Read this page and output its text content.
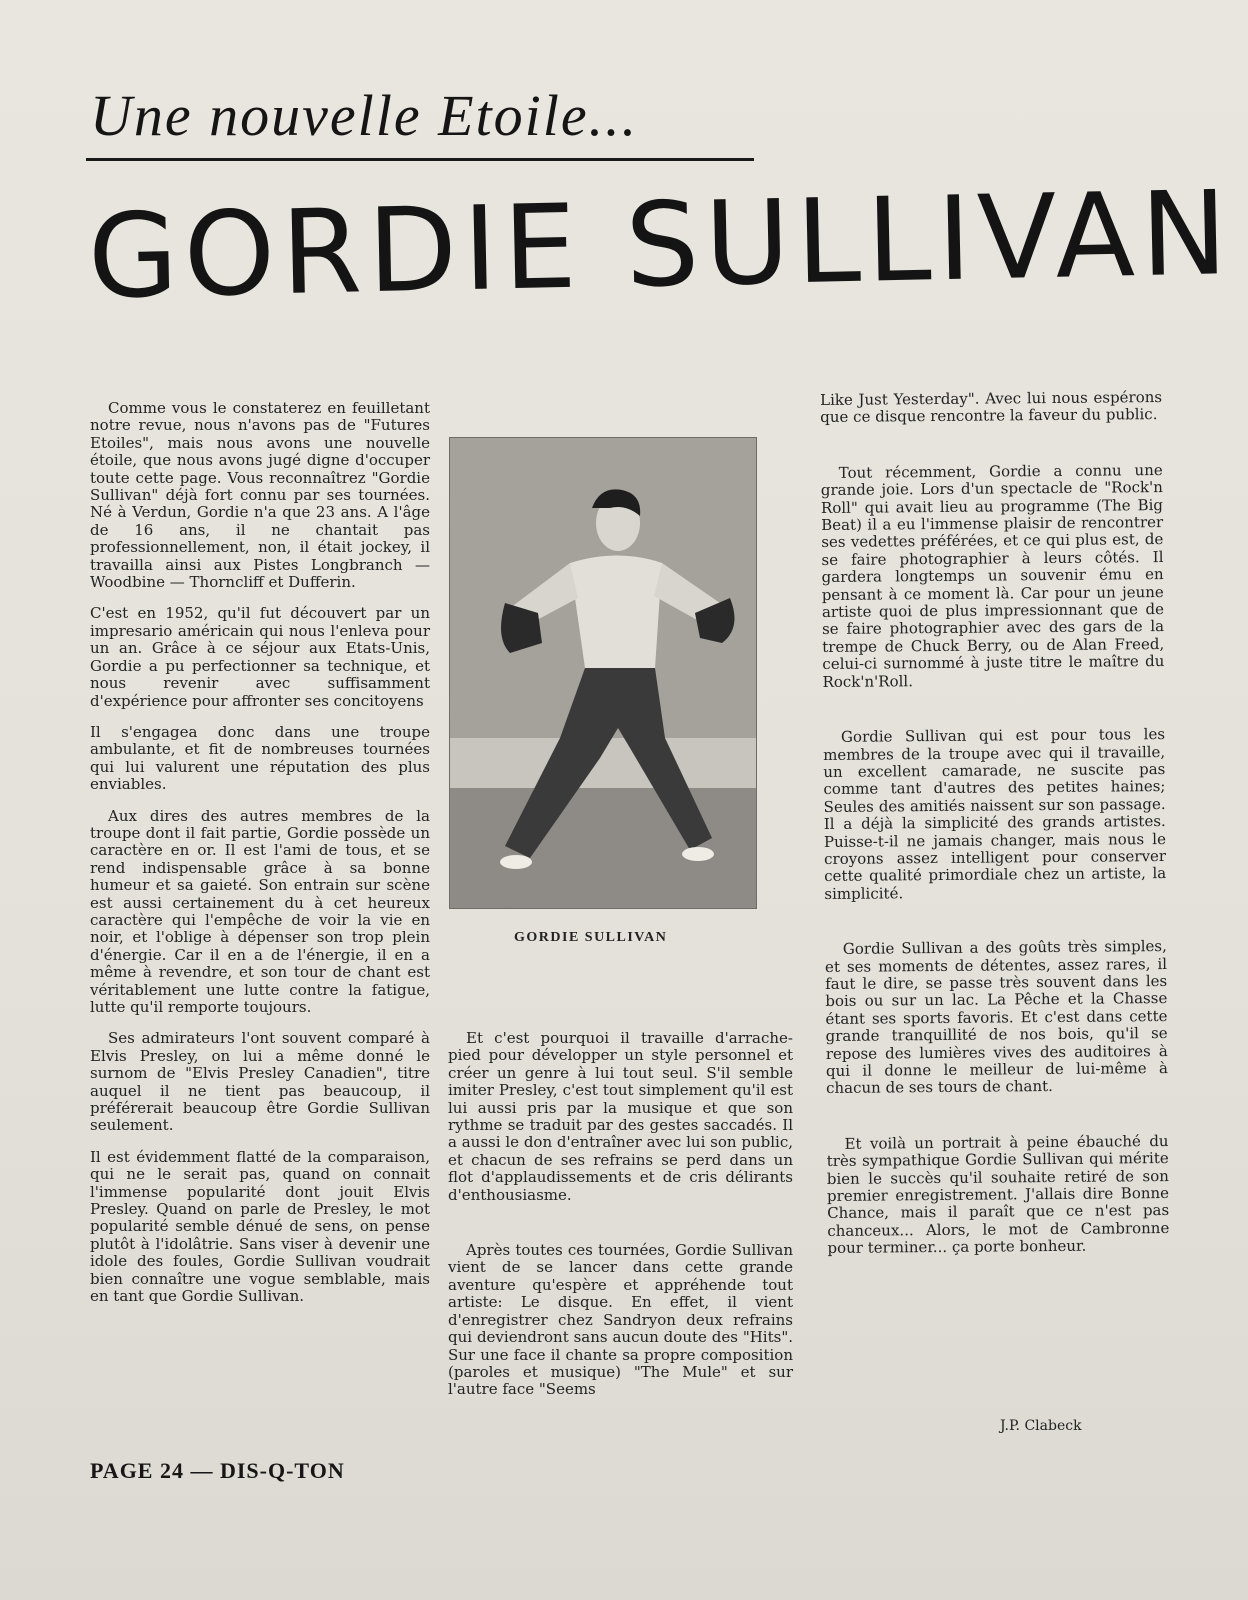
Une nouvelle Etoile...
GORDIE SULLIVAN

Comme vous le constaterez en feuilletant notre revue, nous n'avons pas de "Futures Etoiles", mais nous avons une nouvelle étoile, que nous avons jugé digne d'occuper toute cette page. Vous reconnaîtrez "Gordie Sullivan" déjà fort connu par ses tournées. Né à Verdun, Gordie n'a que 23 ans. A l'âge de 16 ans, il ne chantait pas professionnellement, non, il était jockey, il travailla ainsi aux Pistes Longbranch — Woodbine — Thorncliff et Dufferin.

C'est en 1952, qu'il fut découvert par un impresario américain qui nous l'enleva pour un an. Grâce à ce séjour aux Etats-Unis, Gordie a pu perfectionner sa technique, et nous revenir avec suffisamment d'expérience pour affronter ses concitoyens

Il s'engagea donc dans une troupe ambulante, et fit de nombreuses tournées qui lui valurent une réputation des plus enviables.

Aux dires des autres membres de la troupe dont il fait partie, Gordie possède un caractère en or. Il est l'ami de tous, et se rend indispensable grâce à sa bonne humeur et sa gaieté. Son entrain sur scène est aussi certainement du à cet heureux caractère qui l'empêche de voir la vie en noir, et l'oblige à dépenser son trop plein d'énergie. Car il en a de l'énergie, il en a même à revendre, et son tour de chant est véritablement une lutte contre la fatigue, lutte qu'il remporte toujours.

Ses admirateurs l'ont souvent comparé à Elvis Presley, on lui a même donné le surnom de "Elvis Presley Canadien", titre auquel il ne tient pas beaucoup, il préférerait beaucoup être Gordie Sullivan seulement.

Il est évidemment flatté de la comparaison, qui ne le serait pas, quand on connait l'immense popularité dont jouit Elvis Presley. Quand on parle de Presley, le mot popularité semble dénué de sens, on pense plutôt à l'idolâtrie. Sans viser à devenir une idole des foules, Gordie Sullivan voudrait bien connaître une vogue semblable, mais en tant que Gordie Sullivan.

GORDIE SULLIVAN

Et c'est pourquoi il travaille d'arrache-pied pour développer un style personnel et créer un genre à lui tout seul. S'il semble imiter Presley, c'est tout simplement qu'il est lui aussi pris par la musique et que son rythme se traduit par des gestes saccadés. Il a aussi le don d'entraîner avec lui son public, et chacun de ses refrains se perd dans un flot d'applaudissements et de cris délirants d'enthousiasme.

Après toutes ces tournées, Gordie Sullivan vient de se lancer dans cette grande aventure qu'espère et appréhende tout artiste: Le disque. En effet, il vient d'enregistrer chez Sandryon deux refrains qui deviendront sans aucun doute des "Hits". Sur une face il chante sa propre composition (paroles et musique) "The Mule" et sur l'autre face "Seems

Like Just Yesterday". Avec lui nous espérons que ce disque rencontre la faveur du public.

Tout récemment, Gordie a connu une grande joie. Lors d'un spectacle de "Rock'n Roll" qui avait lieu au programme (The Big Beat) il a eu l'immense plaisir de rencontrer ses vedettes préférées, et ce qui plus est, de se faire photographier à leurs côtés. Il gardera longtemps un souvenir ému en pensant à ce moment là. Car pour un jeune artiste quoi de plus impressionnant que de se faire photographier avec des gars de la trempe de Chuck Berry, ou de Alan Freed, celui-ci surnommé à juste titre le maître du Rock'n'Roll.

Gordie Sullivan qui est pour tous les membres de la troupe avec qui il travaille, un excellent camarade, ne suscite pas comme tant d'autres des petites haines; Seules des amitiés naissent sur son passage. Il a déjà la simplicité des grands artistes. Puisse-t-il ne jamais changer, mais nous le croyons assez intelligent pour conserver cette qualité primordiale chez un artiste, la simplicité.

Gordie Sullivan a des goûts très simples, et ses moments de détentes, assez rares, il faut le dire, se passe très souvent dans les bois ou sur un lac. La Pêche et la Chasse étant ses sports favoris. Et c'est dans cette grande tranquillité de nos bois, qu'il se repose des lumières vives des auditoires à qui il donne le meilleur de lui-même à chacun de ses tours de chant.

Et voilà un portrait à peine ébauché du très sympathique Gordie Sullivan qui mérite bien le succès qu'il souhaite retiré de son premier enregistrement. J'allais dire Bonne Chance, mais il paraît que ce n'est pas chanceux... Alors, le mot de Cambronne pour terminer... ça porte bonheur.

J.P. Clabeck
PAGE 24 — DIS-Q-TON
